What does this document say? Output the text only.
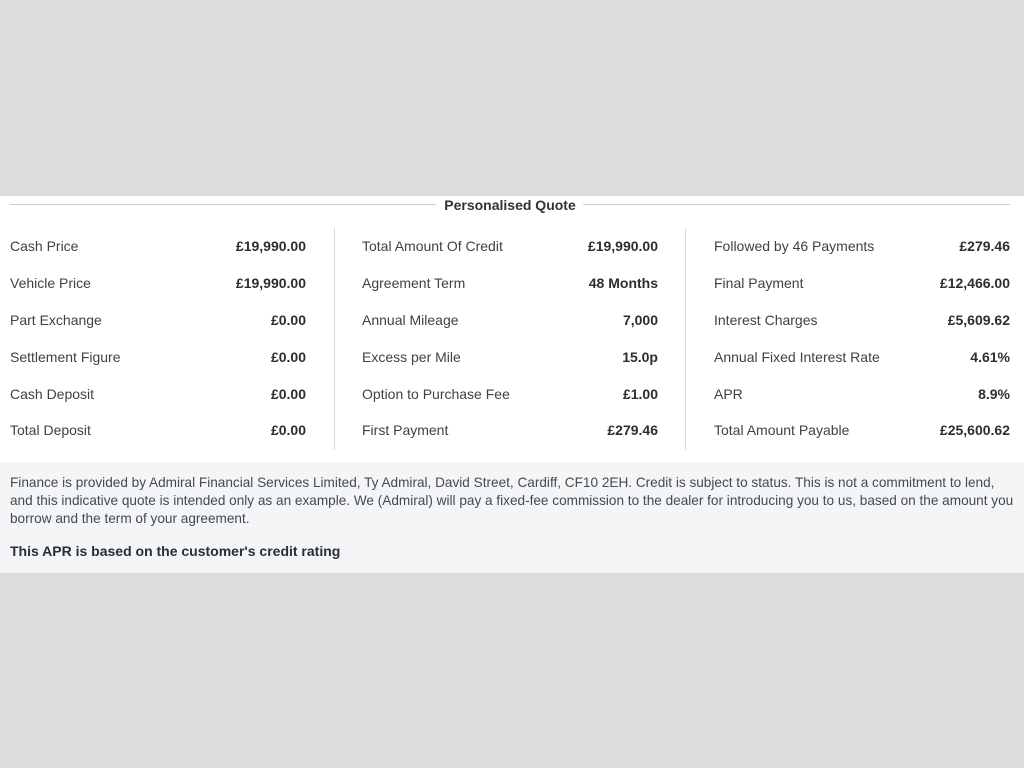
Personalised Quote
Cash Price	£19,990.00
Vehicle Price	£19,990.00
Part Exchange	£0.00
Settlement Figure	£0.00
Cash Deposit	£0.00
Total Deposit	£0.00
Total Amount Of Credit	£19,990.00
Agreement Term	48 Months
Annual Mileage	7,000
Excess per Mile	15.0p
Option to Purchase Fee	£1.00
First Payment	£279.46
Followed by 46 Payments	£279.46
Final Payment	£12,466.00
Interest Charges	£5,609.62
Annual Fixed Interest Rate	4.61%
APR	8.9%
Total Amount Payable	£25,600.62

Finance is provided by Admiral Financial Services Limited, Ty Admiral, David Street, Cardiff, CF10 2EH. Credit is subject to status. This is not a commitment to lend, and this indicative quote is intended only as an example. We (Admiral) will pay a fixed-fee commission to the dealer for introducing you to us, based on the amount you borrow and the term of your agreement.

This APR is based on the customer's credit rating
